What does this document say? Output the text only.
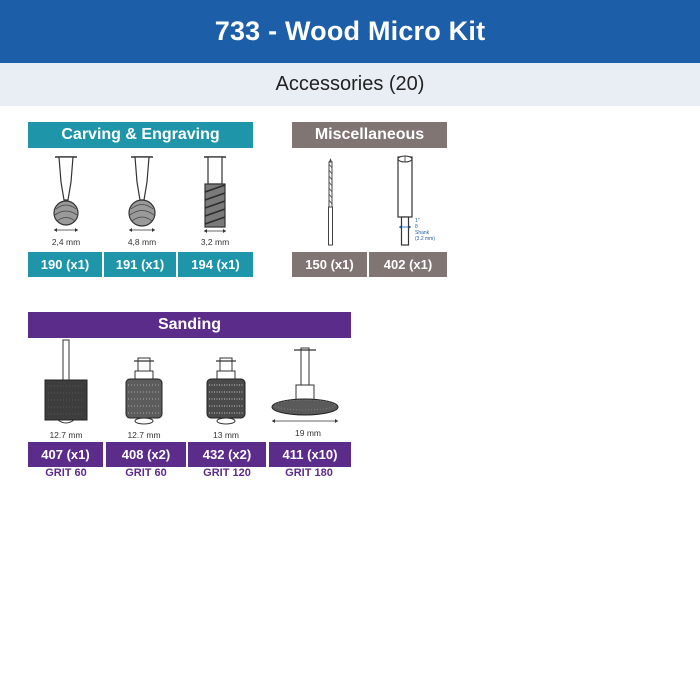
733 - Wood Micro Kit
Accessories (20)
Carving & Engraving
2,4 mm	4,8 mm	3,2 mm
190 (x1)	191 (x1)	194 (x1)
Miscellaneous
1"
8
Shank
(3.2 mm)
150 (x1)	402 (x1)
Sanding
12.7 mm	12.7 mm	13 mm	19 mm
407 (x1)	408 (x2)	432 (x2)	411 (x10)
GRIT 60	GRIT 60	GRIT 120	GRIT 180
